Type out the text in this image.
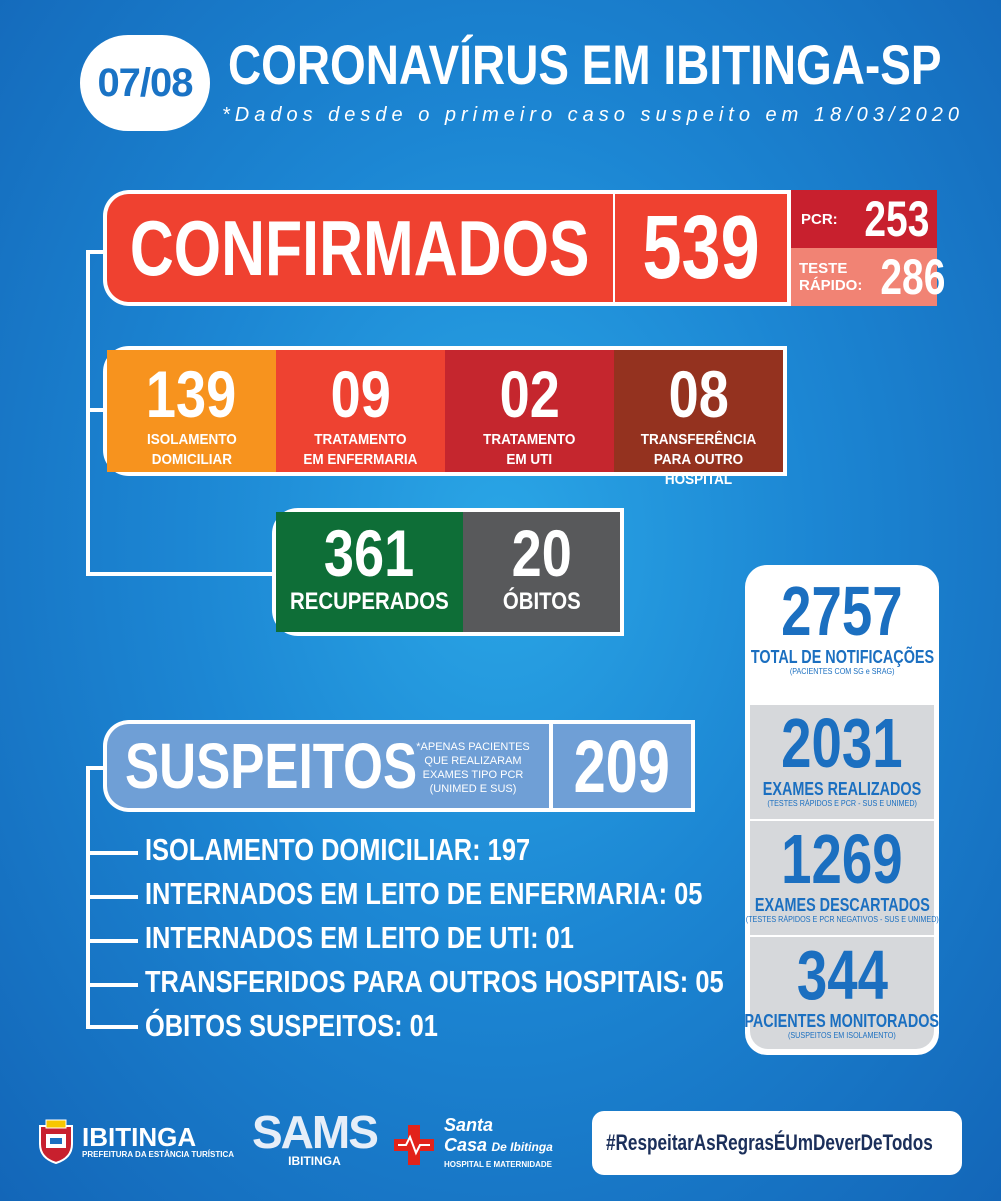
07/08 CORONAVÍRUS EM IBITINGA-SP
*Dados desde o primeiro caso suspeito em 18/03/2020
CONFIRMADOS 539	PCR: 253
TESTE
RÁPIDO: 286
139
ISOLAMENTO
DOMICILIAR
09
TRATAMENTO
EM ENFERMARIA
02
TRATAMENTO
EM UTI
08
TRANSFERÊNCIA
PARA OUTRO HOSPITAL
361
RECUPERADOS
20
ÓBITOS
SUSPEITOS *APENAS PACIENTES QUE REALIZARAM EXAMES TIPO PCR (UNIMED E SUS) 209
ISOLAMENTO DOMICILIAR: 197
INTERNADOS EM LEITO DE ENFERMARIA: 05
INTERNADOS EM LEITO DE UTI: 01
TRANSFERIDOS PARA OUTROS HOSPITAIS: 05
ÓBITOS SUSPEITOS: 01
2757
TOTAL DE NOTIFICAÇÕES
(PACIENTES COM SG e SRAG)
2031
EXAMES REALIZADOS
(TESTES RÁPIDOS E PCR - SUS E UNIMED)
1269
EXAMES DESCARTADOS
(TESTES RÁPIDOS E PCR NEGATIVOS - SUS E UNIMED)
344
PACIENTES MONITORADOS
(SUSPEITOS EM ISOLAMENTO)
IBITINGA
PREFEITURA DA ESTÂNCIA TURÍSTICA SAMS
IBITINGA
Santa
Casa De Ibitinga
HOSPITAL E MATERNIDADE
#RespeitarAsRegrasÉUmDeverDeTodos
